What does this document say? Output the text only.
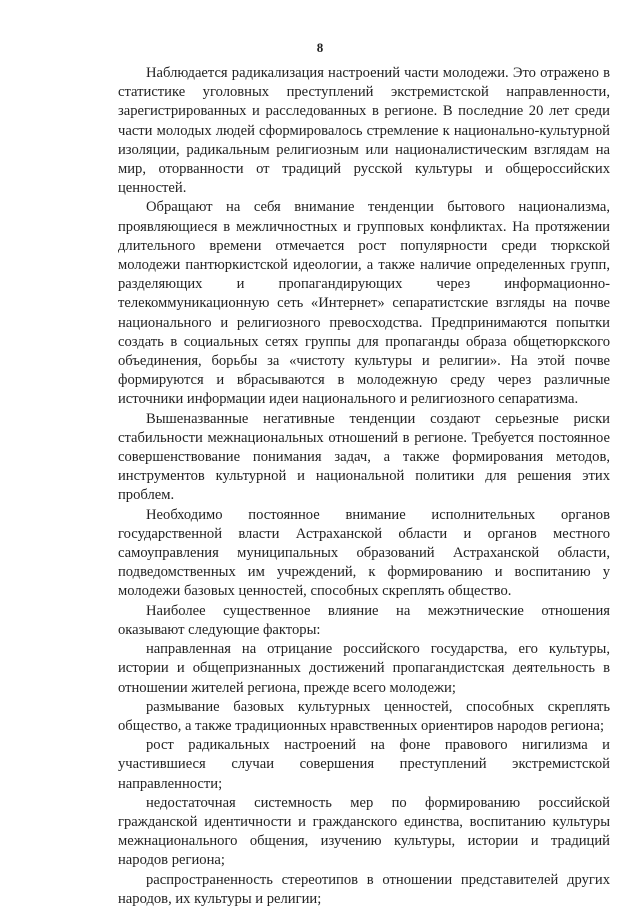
8

Наблюдается радикализация настроений части молодежи. Это отражено в статистике уголовных преступлений экстремистской направленности, зарегистрированных и расследованных в регионе. В последние 20 лет среди части молодых людей сформировалось стремление к национально-культурной изоляции, радикальным религиозным или националистическим взглядам на мир, оторванности от традиций русской культуры и общероссийских ценностей.

Обращают на себя внимание тенденции бытового национализма, проявляющиеся в межличностных и групповых конфликтах. На протяжении длительного времени отмечается рост популярности среди тюркской молодежи пантюркистской идеологии, а также наличие определенных групп, разделяющих и пропагандирующих через информационно-телекоммуникационную сеть «Интернет» сепаратистские взгляды на почве национального и религиозного превосходства. Предпринимаются попытки создать в социальных сетях группы для пропаганды образа общетюркского объединения, борьбы за «чистоту культуры и религии». На этой почве формируются и вбрасываются в молодежную среду через различные источники информации идеи национального и религиозного сепаратизма.

Вышеназванные негативные тенденции создают серьезные риски стабильности межнациональных отношений в регионе. Требуется постоянное совершенствование понимания задач, а также формирования методов, инструментов культурной и национальной политики для решения этих проблем.

Необходимо постоянное внимание исполнительных органов государственной власти Астраханской области и органов местного самоуправления муниципальных образований Астраханской области, подведомственных им учреждений, к формированию и воспитанию у молодежи базовых ценностей, способных скреплять общество.

Наиболее существенное влияние на межэтнические отношения оказывают следующие факторы:

направленная на отрицание российского государства, его культуры, истории и общепризнанных достижений пропагандистская деятельность в отношении жителей региона, прежде всего молодежи;

размывание базовых культурных ценностей, способных скреплять общество, а также традиционных нравственных ориентиров народов региона;

рост радикальных настроений на фоне правового нигилизма и участившиеся случаи совершения преступлений экстремистской направленности;

недостаточная системность мер по формированию российской гражданской идентичности и гражданского единства, воспитанию культуры межнационального общения, изучению культуры, истории и традиций народов региона;

распространенность стереотипов в отношении представителей других народов, их культуры и религии;
